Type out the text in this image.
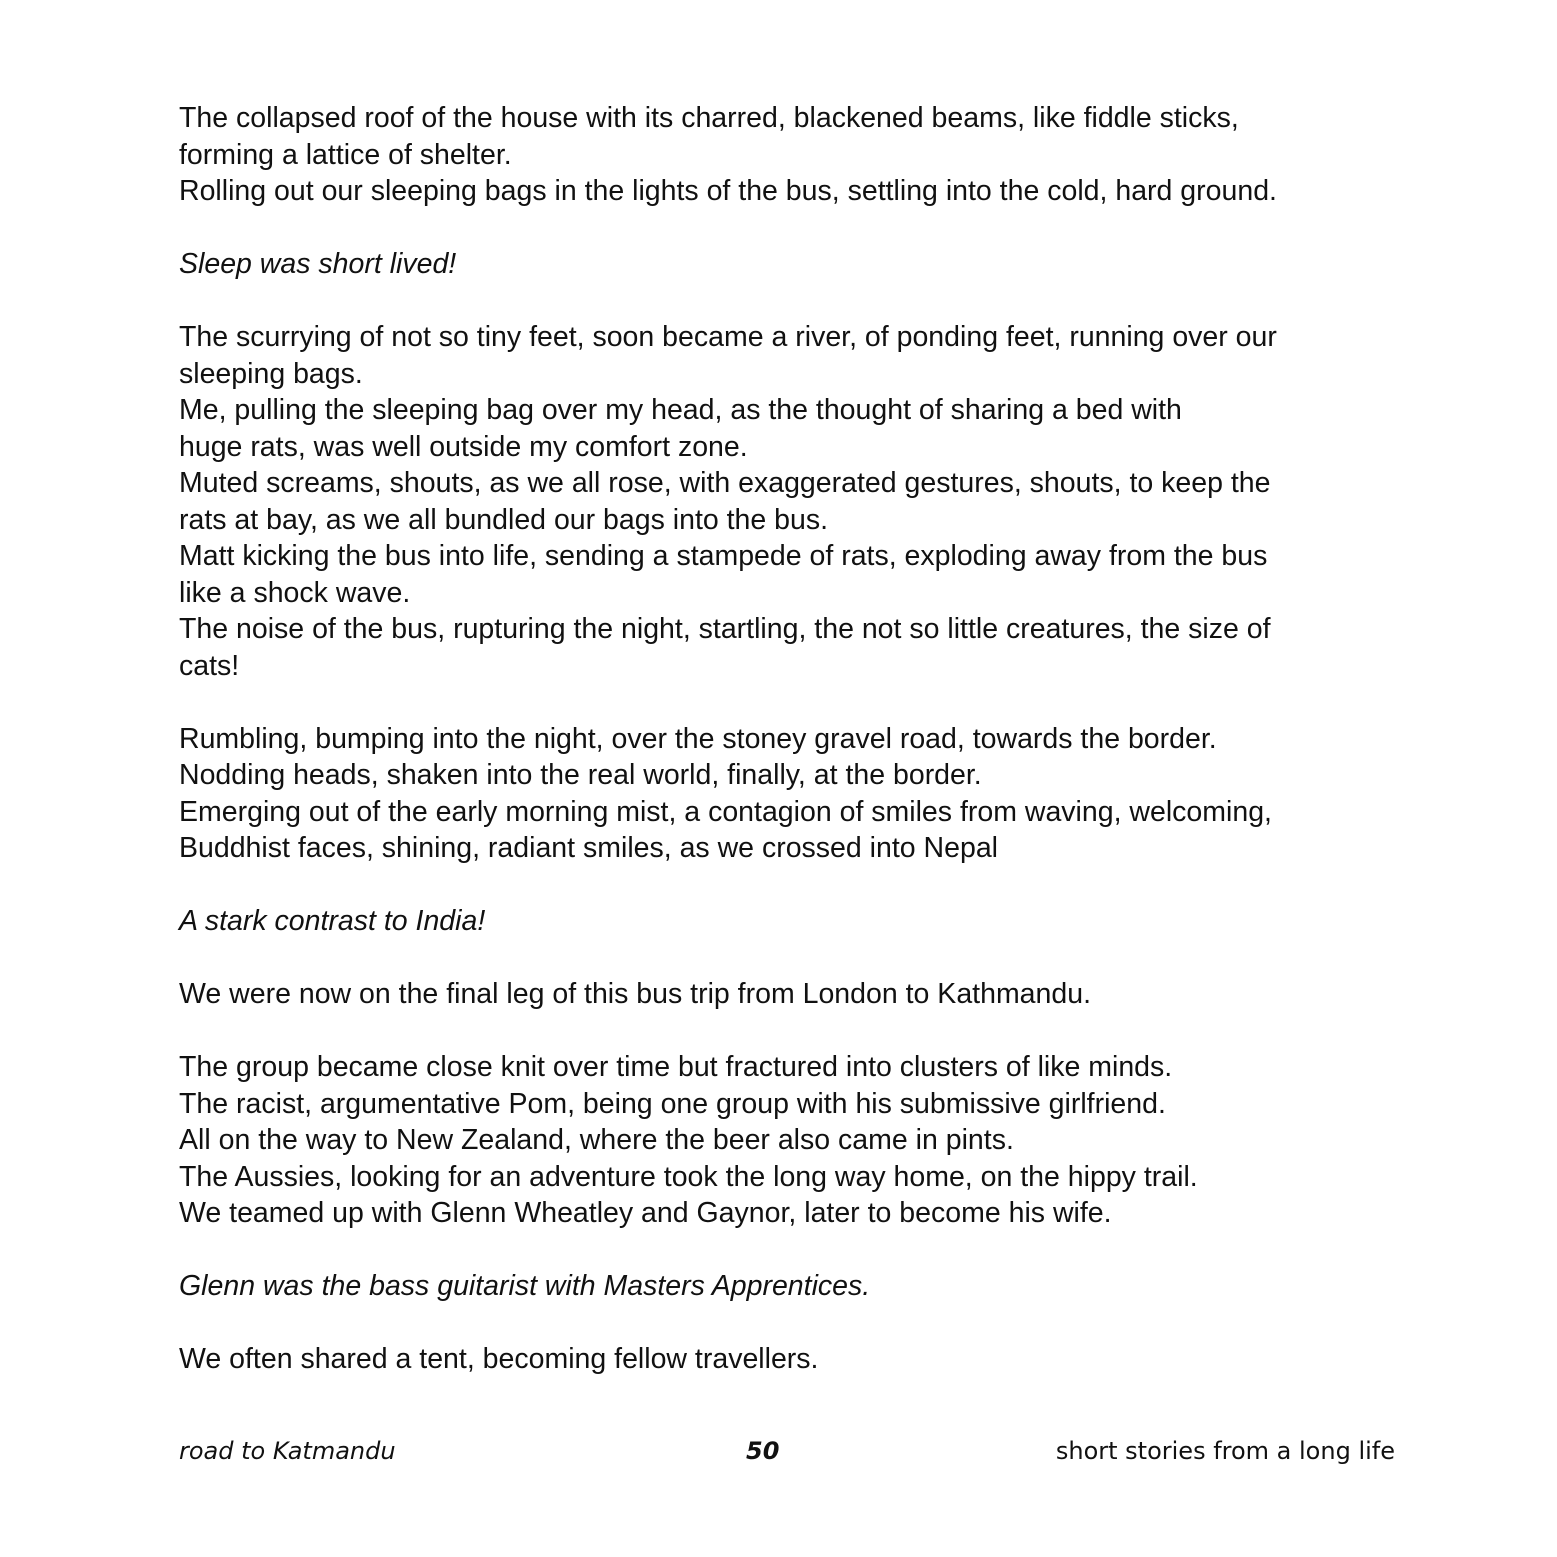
The collapsed roof of the house with its charred, blackened beams, like fiddle sticks,
forming a lattice of shelter.
Rolling out our sleeping bags in the lights of the bus, settling into the cold, hard ground.
Sleep was short lived!
The scurrying of not so tiny feet, soon became a river, of ponding feet, running over our
sleeping bags.
Me, pulling the sleeping bag over my head, as the thought of sharing a bed with
huge rats, was well outside my comfort zone.
Muted screams, shouts, as we all rose, with exaggerated gestures, shouts, to keep the
rats at bay, as we all bundled our bags into the bus.
Matt kicking the bus into life, sending a stampede of rats, exploding away from the bus
like a shock wave.
The noise of the bus, rupturing the night, startling, the not so little creatures, the size of
cats!
Rumbling, bumping into the night, over the stoney gravel road, towards the border.
Nodding heads, shaken into the real world, finally, at the border.
Emerging out of the early morning mist, a contagion of smiles from waving, welcoming,
Buddhist faces, shining, radiant smiles, as we crossed into Nepal
A stark contrast to India!
We were now on the final leg of this bus trip from London to Kathmandu.
The group became close knit over time but fractured into clusters of like minds.
The racist, argumentative Pom, being one group with his submissive girlfriend.
All on the way to New Zealand, where the beer also came in pints.
The Aussies, looking for an adventure took the long way home, on the hippy trail.
We teamed up with Glenn Wheatley and Gaynor, later to become his wife.
Glenn was the bass guitarist with Masters Apprentices.
We often shared a tent, becoming fellow travellers.
road to Katmandu	50	short stories from a long life
